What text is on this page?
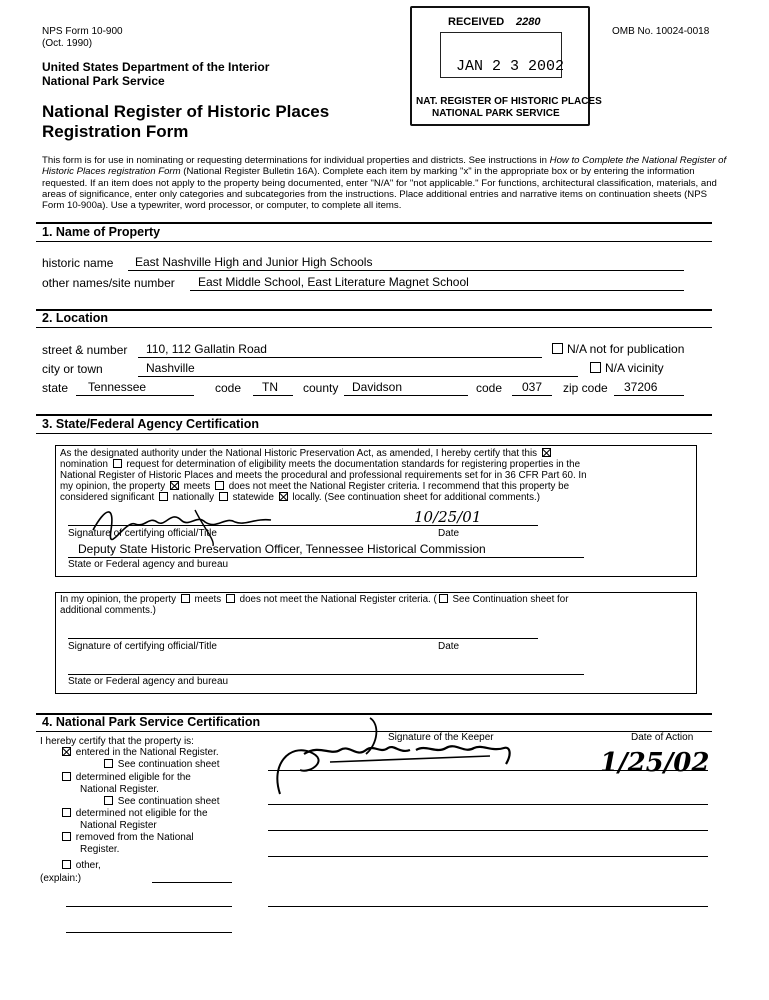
NPS Form 10-900
(Oct. 1990)
OMB No. 10024-0018
United States Department of the Interior
National Park Service
National Register of Historic Places
Registration Form
RECEIVED 2280
JAN 2 3 2002
NAT. REGISTER OF HISTORIC PLACES
NATIONAL PARK SERVICE
This form is for use in nominating or requesting determinations for individual properties and districts. See instructions in How to Complete the National Register of Historic Places registration Form (National Register Bulletin 16A). Complete each item by marking "x" in the appropriate box or by entering the information requested. If an item does not apply to the property being documented, enter "N/A" for "not applicable." For functions, architectural classification, materials, and areas of significance, enter only categories and subcategories from the instructions. Place additional entries and narrative items on continuation sheets (NPS Form 10-900a). Use a typewriter, word processor, or computer, to complete all items.
1. Name of Property
historic name East Nashville High and Junior High Schools
other names/site number East Middle School, East Literature Magnet School
2. Location
street & number 110, 112 Gallatin Road	N/A not for publication
city or town	Nashville	N/A vicinity
state Tennessee	code TN county Davidson	code 037 zip code 37206
3. State/Federal Agency Certification
As the designated authority under the National Historic Preservation Act, as amended, I hereby certify that this
nomination request for determination of eligibility meets the documentation standards for registering properties in the
National Register of Historic Places and meets the procedural and professional requirements set for in 36 CFR Part 60. In
my opinion, the property meets does not meet the National Register criteria. I recommend that this property be
considered significant nationally statewide locally. (See continuation sheet for additional comments.)
10/25/01
Signature of certifying official/Title	Date
Deputy State Historic Preservation Officer, Tennessee Historical Commission
State or Federal agency and bureau
In my opinion, the property meets does not meet the National Register criteria. ( See Continuation sheet for
additional comments.)
Signature of certifying official/Title	Date
State or Federal agency and bureau
4. National Park Service Certification
I hereby certify that the property is:	Signature of the Keeper	Date of Action
entered in the National Register.
See continuation sheet
determined eligible for the
National Register.
See continuation sheet
determined not eligible for the
National Register
removed from the National
Register.
other,
(explain:)
1/25/02
